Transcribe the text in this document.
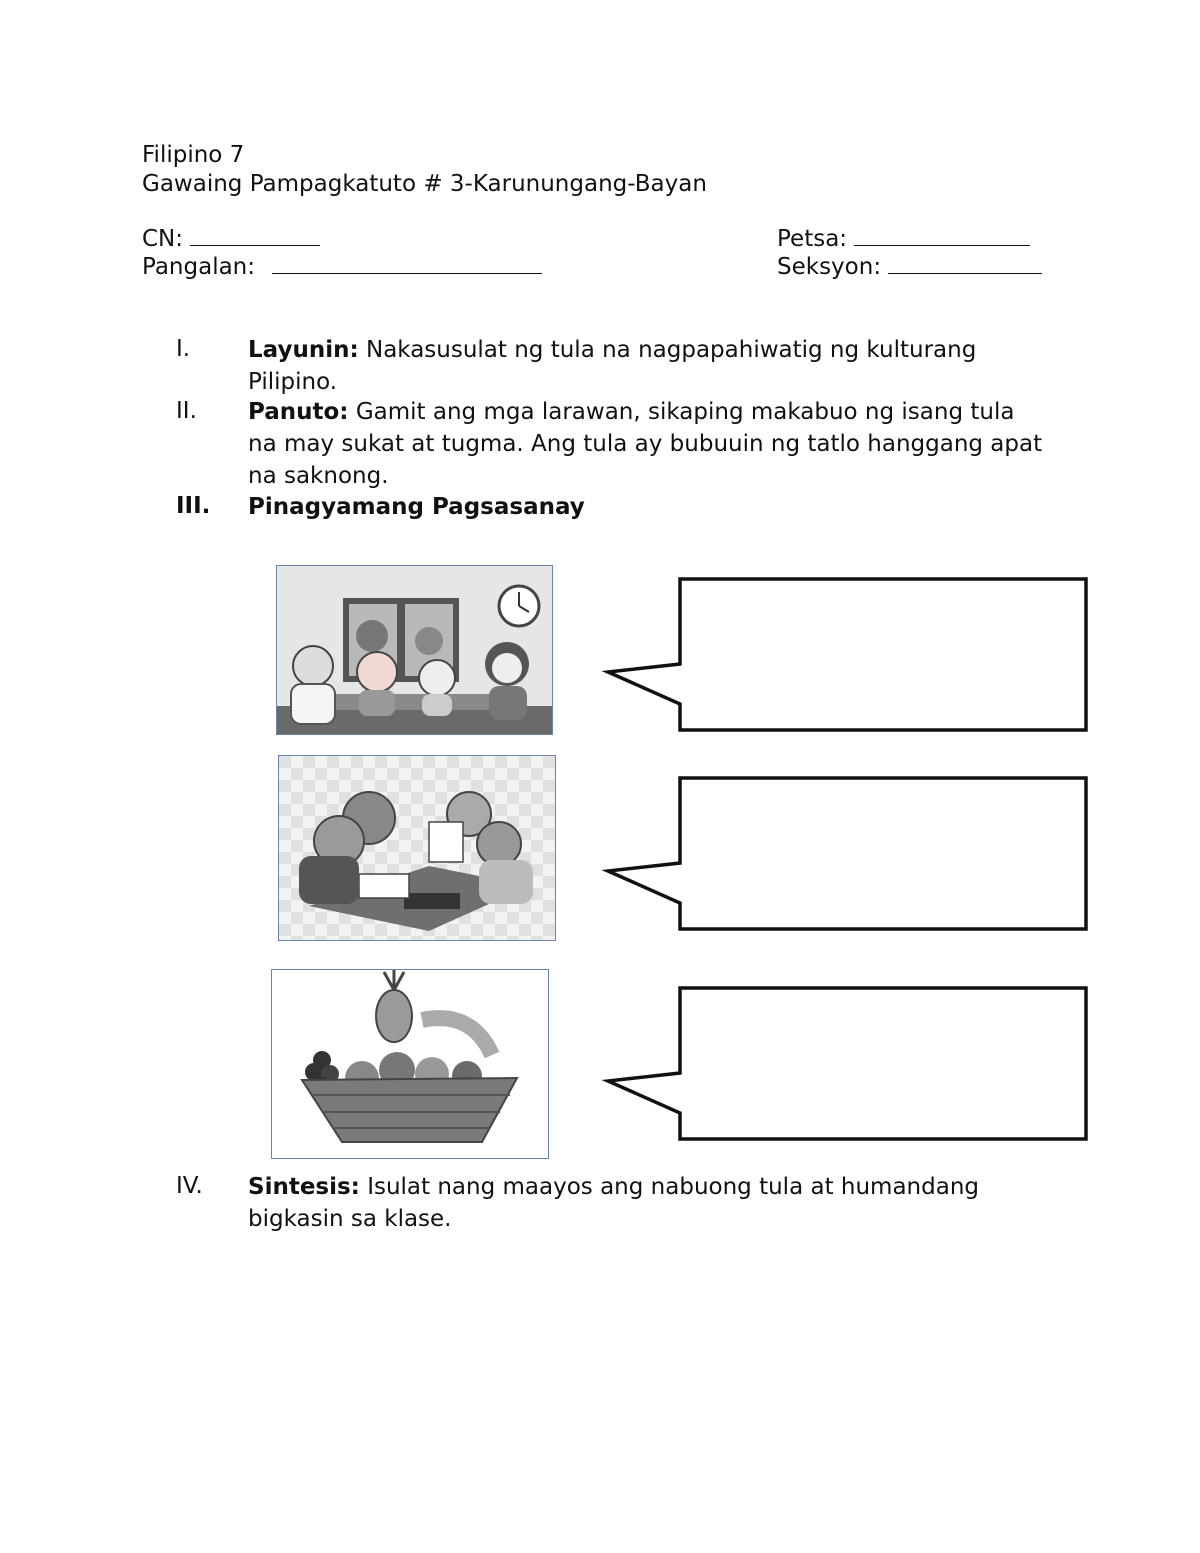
Filipino 7
Gawaing Pampagkatuto # 3-Karunungang-Bayan
CN:	Petsa:
Pangalan:	Seksyon:
I.	Layunin: Nakasusulat ng tula na nagpapahiwatig ng kulturang Pilipino.
II. Panuto: Gamit ang mga larawan, sikaping makabuo ng isang tula na may sukat at tugma. Ang tula ay bubuuin ng tatlo hanggang apat na saknong.
III. Pinagyamang Pagsasanay
IV. Sintesis: Isulat nang maayos ang nabuong tula at humandang bigkasin sa klase.
